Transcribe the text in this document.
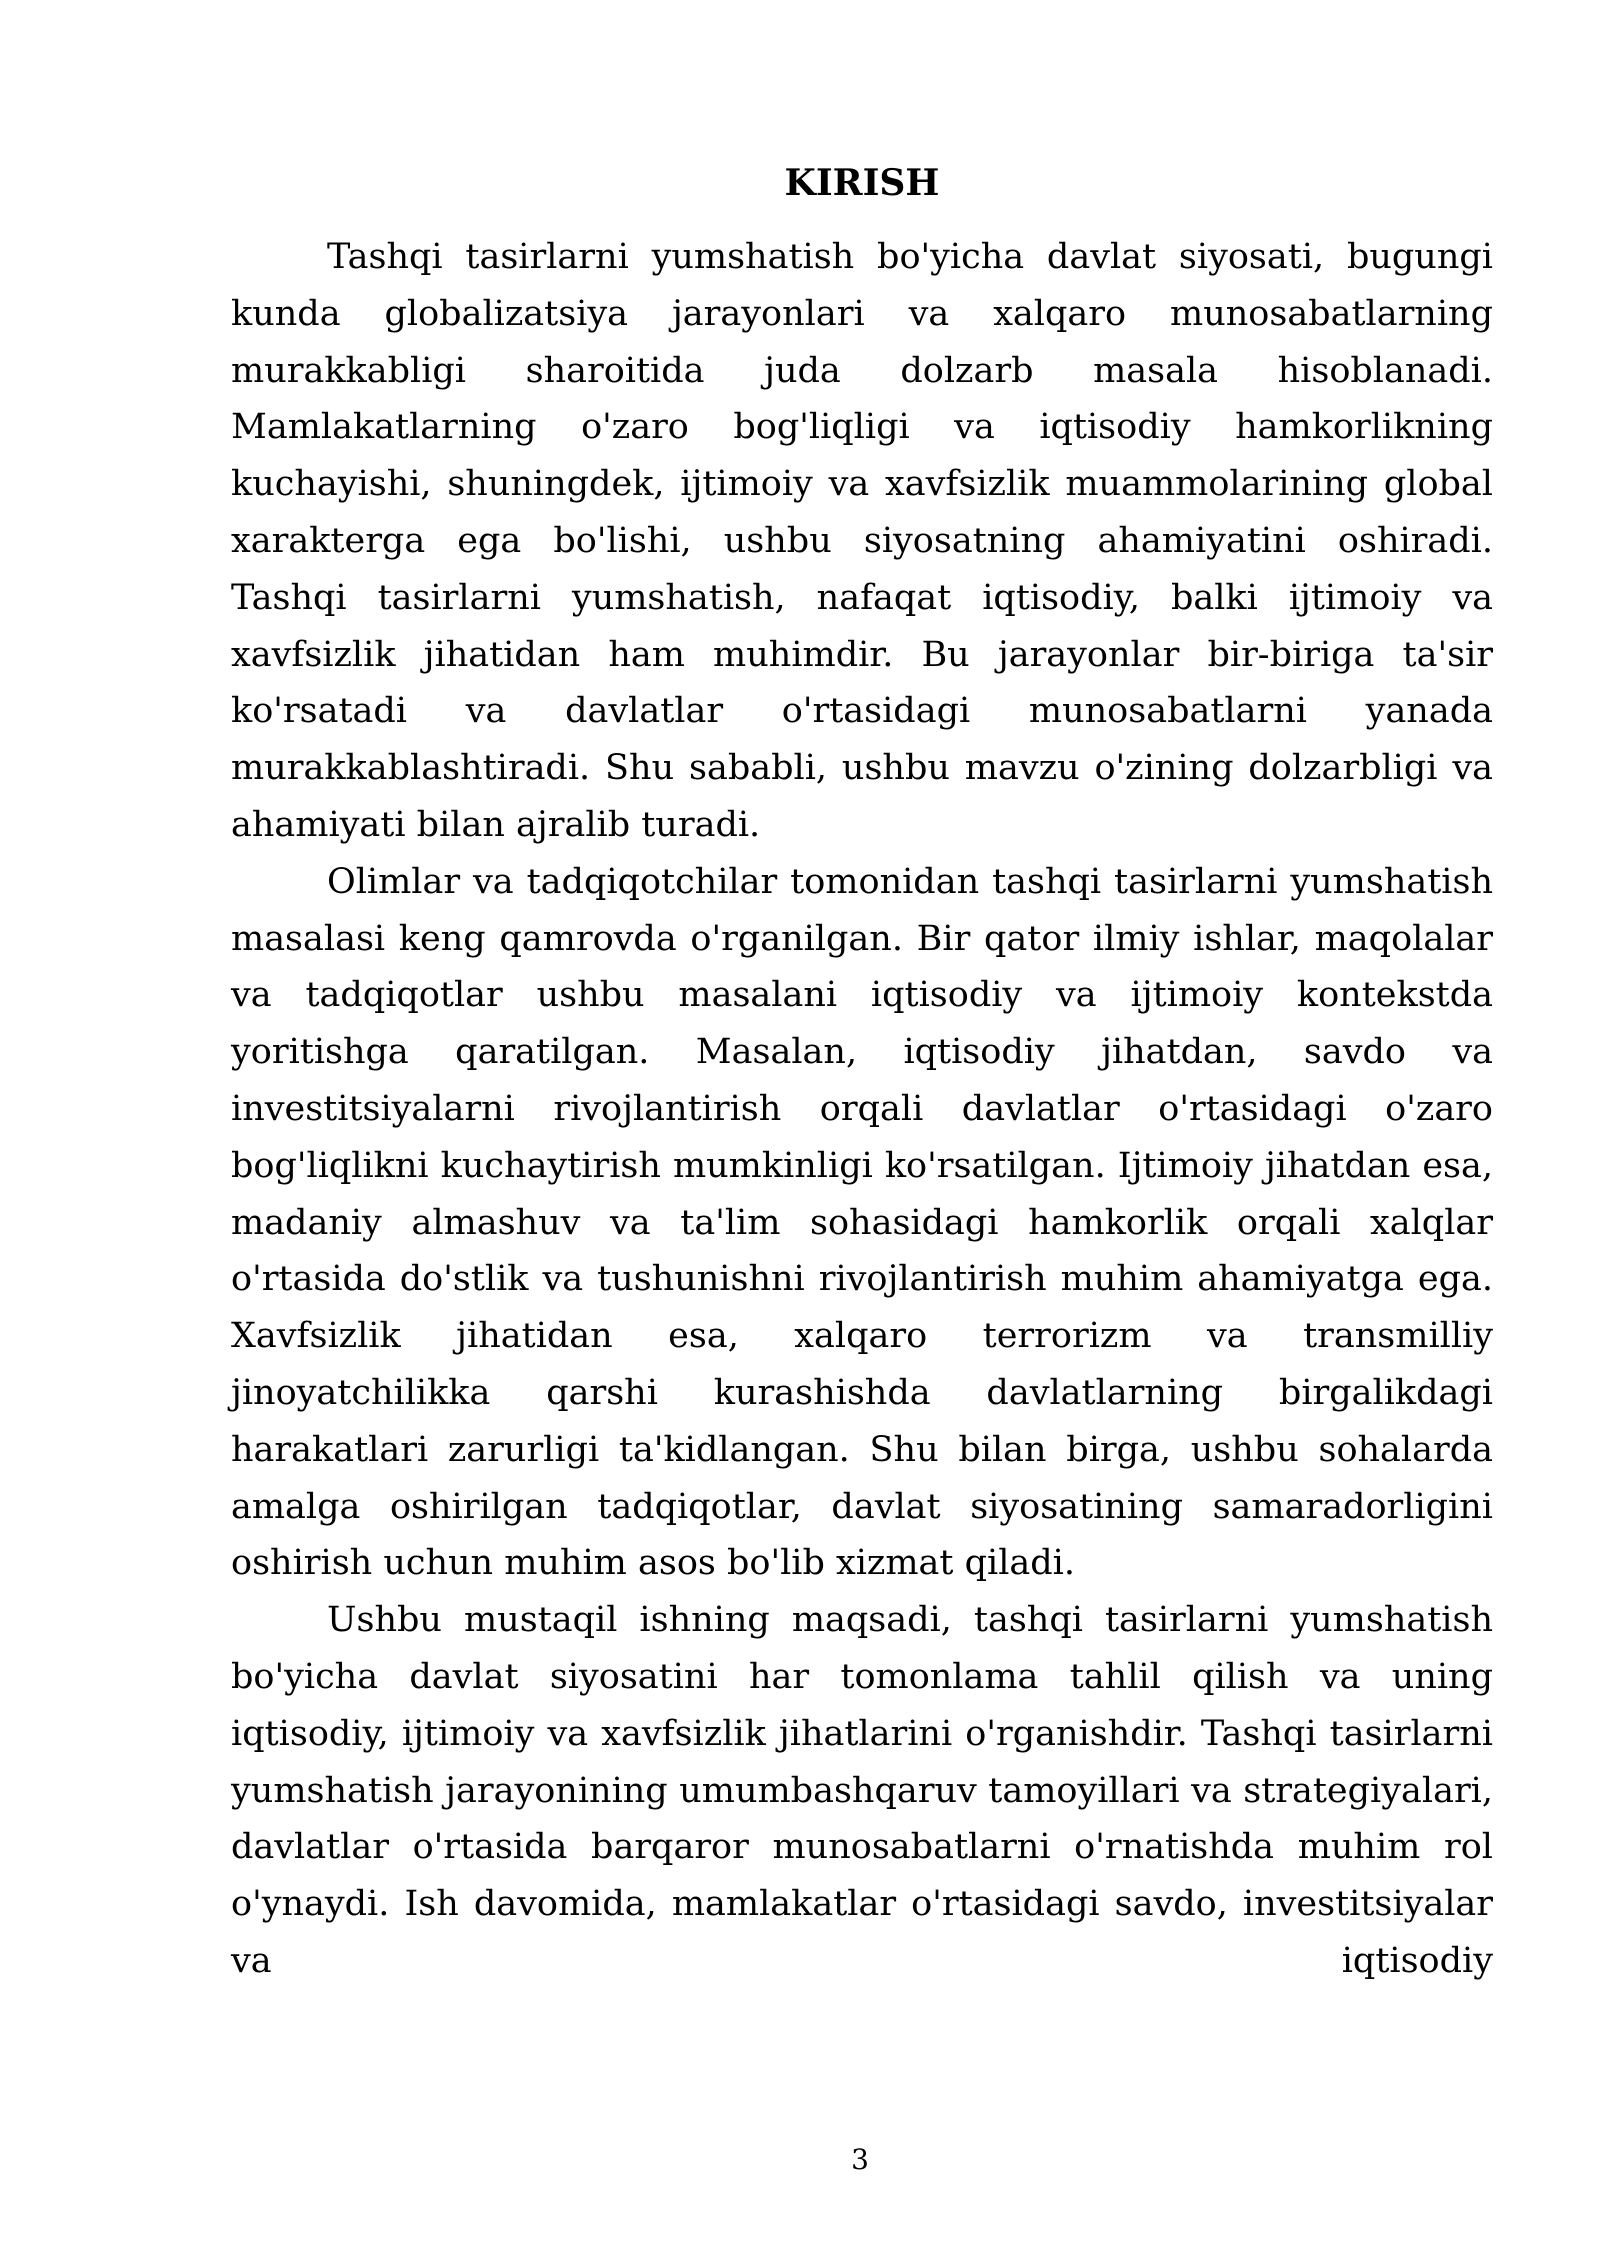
KIRISH

Tashqi tasirlarni yumshatish bo'yicha davlat siyosati, bugungi kunda globalizatsiya jarayonlari va xalqaro munosabatlarning murakkabligi sharoitida juda dolzarb masala hisoblanadi. Mamlakatlarning o'zaro bog'liqligi va iqtisodiy hamkorlikning kuchayishi, shuningdek, ijtimoiy va xavfsizlik muammolarining global xarakterga ega bo'lishi, ushbu siyosatning ahamiyatini oshiradi. Tashqi tasirlarni yumshatish, nafaqat iqtisodiy, balki ijtimoiy va xavfsizlik jihatidan ham muhimdir. Bu jarayonlar bir-biriga ta'sir ko'rsatadi va davlatlar o'rtasidagi munosabatlarni yanada murakkablashtiradi. Shu sababli, ushbu mavzu o'zining dolzarbligi va ahamiyati bilan ajralib turadi.

Olimlar va tadqiqotchilar tomonidan tashqi tasirlarni yumshatish masalasi keng qamrovda o'rganilgan. Bir qator ilmiy ishlar, maqolalar va tadqiqotlar ushbu masalani iqtisodiy va ijtimoiy kontekstda yoritishga qaratilgan. Masalan, iqtisodiy jihatdan, savdo va investitsiyalarni rivojlantirish orqali davlatlar o'rtasidagi o'zaro bog'liqlikni kuchaytirish mumkinligi ko'rsatilgan. Ijtimoiy jihatdan esa, madaniy almashuv va ta'lim sohasidagi hamkorlik orqali xalqlar o'rtasida do'stlik va tushunishni rivojlantirish muhim ahamiyatga ega. Xavfsizlik jihatidan esa, xalqaro terrorizm va transmilliy jinoyatchilikka qarshi kurashishda davlatlarning birgalikdagi harakatlari zarurligi ta'kidlangan. Shu bilan birga, ushbu sohalarda amalga oshirilgan tadqiqotlar, davlat siyosatining samaradorligini oshirish uchun muhim asos bo'lib xizmat qiladi.

Ushbu mustaqil ishning maqsadi, tashqi tasirlarni yumshatish bo'yicha davlat siyosatini har tomonlama tahlil qilish va uning iqtisodiy, ijtimoiy va xavfsizlik jihatlarini o'rganishdir. Tashqi tasirlarni yumshatish jarayonining umumbashqaruv tamoyillari va strategiyalari, davlatlar o'rtasida barqaror munosabatlarni o'rnatishda muhim rol o'ynaydi. Ish davomida, mamlakatlar o'rtasidagi savdo, investitsiyalar va iqtisodiy

3
